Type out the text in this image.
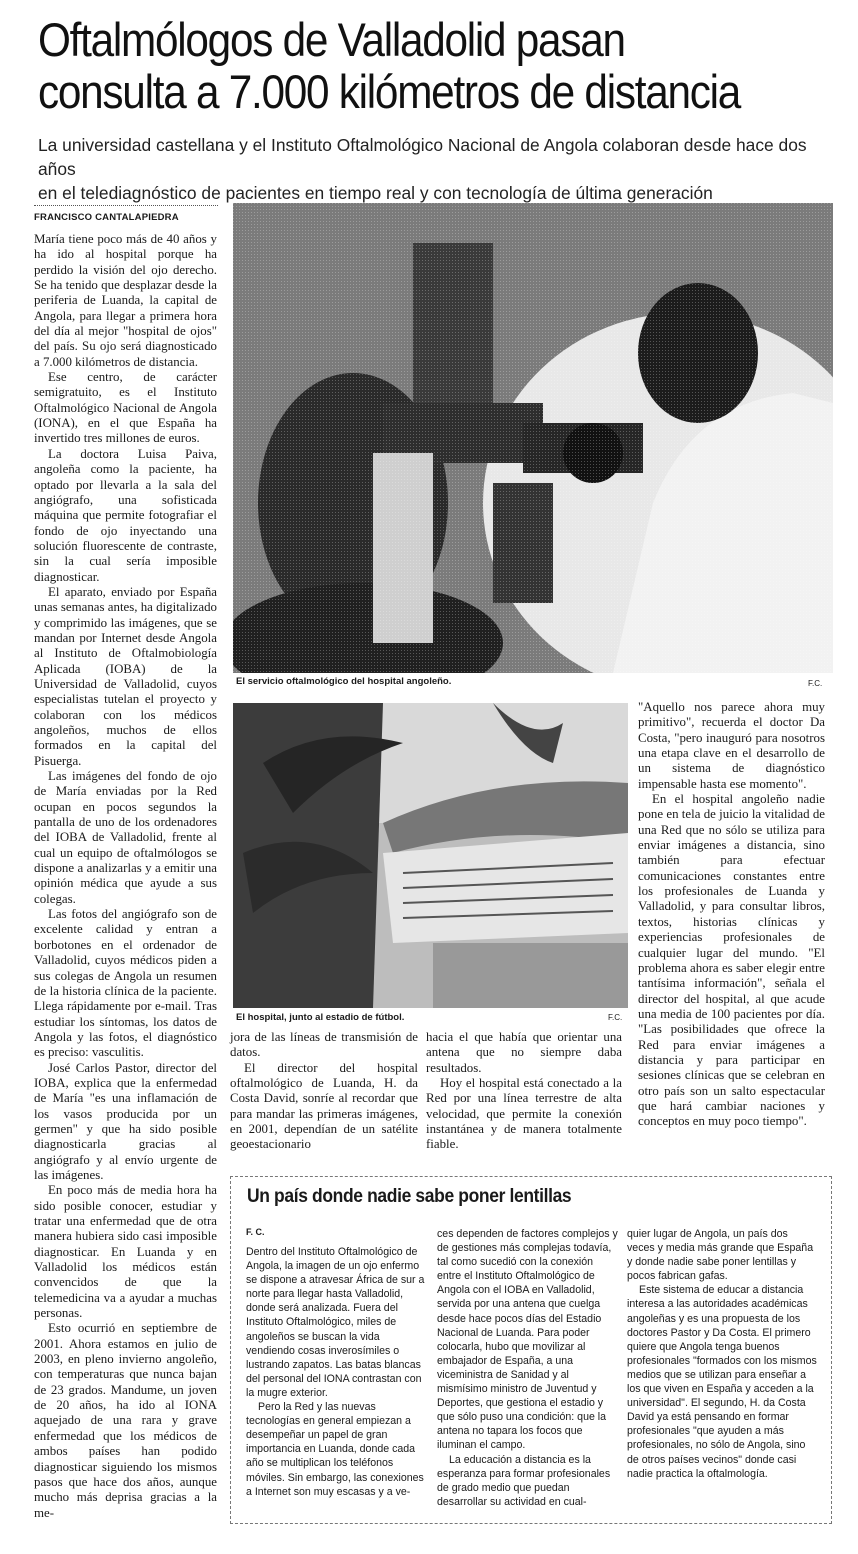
Oftalmólogos de Valladolid pasan
consulta a 7.000 kilómetros de distancia
La universidad castellana y el Instituto Oftalmológico Nacional de Angola colaboran desde hace dos años
en el telediagnóstico de pacientes en tiempo real y con tecnología de última generación
FRANCISCO CANTALAPIEDRA

María tiene poco más de 40 años y ha ido al hospital porque ha perdido la visión del ojo derecho. Se ha tenido que desplazar desde la periferia de Luanda, la capital de Angola, para llegar a primera hora del día al mejor "hospital de ojos" del país. Su ojo será diagnosticado a 7.000 kilómetros de distancia.

Ese centro, de carácter semigratuito, es el Instituto Oftalmológico Nacional de Angola (IONA), en el que España ha invertido tres millones de euros.

La doctora Luisa Paiva, angoleña como la paciente, ha optado por llevarla a la sala del angiógrafo, una sofisticada máquina que permite fotografiar el fondo de ojo inyectando una solución fluorescente de contraste, sin la cual sería imposible diagnosticar.

El aparato, enviado por España unas semanas antes, ha digitalizado y comprimido las imágenes, que se mandan por Internet desde Angola al Instituto de Oftalmobiología Aplicada (IOBA) de la Universidad de Valladolid, cuyos especialistas tutelan el proyecto y colaboran con los médicos angoleños, muchos de ellos formados en la capital del Pisuerga.

Las imágenes del fondo de ojo de María enviadas por la Red ocupan en pocos segundos la pantalla de uno de los ordenadores del IOBA de Valladolid, frente al cual un equipo de oftalmólogos se dispone a analizarlas y a emitir una opinión médica que ayude a sus colegas.

Las fotos del angiógrafo son de excelente calidad y entran a borbotones en el ordenador de Valladolid, cuyos médicos piden a sus colegas de Angola un resumen de la historia clínica de la paciente. Llega rápidamente por e-mail. Tras estudiar los síntomas, los datos de Angola y las fotos, el diagnóstico es preciso: vasculitis.

José Carlos Pastor, director del IOBA, explica que la enfermedad de María "es una inflamación de los vasos producida por un germen" y que ha sido posible diagnosticarla gracias al angiógrafo y al envío urgente de las imágenes.

En poco más de media hora ha sido posible conocer, estudiar y tratar una enfermedad que de otra manera hubiera sido casi imposible diagnosticar. En Luanda y en Valladolid los médicos están convencidos de que la telemedicina va a ayudar a muchas personas.

Esto ocurrió en septiembre de 2001. Ahora estamos en julio de 2003, en pleno invierno angoleño, con temperaturas que nunca bajan de 23 grados. Mandume, un joven de 20 años, ha ido al IONA aquejado de una rara y grave enfermedad que los médicos de ambos países han podido diagnosticar siguiendo los mismos pasos que hace dos años, aunque mucho más deprisa gracias a la me-

El servicio oftalmológico del hospital angoleño.	F.C.
El hospital, junto al estadio de fútbol.	F.C.

jora de las líneas de transmisión de datos.

El director del hospital oftalmológico de Luanda, H. da Costa David, sonríe al recordar que para mandar las primeras imágenes, en 2001, dependían de un satélite geoestacionario

hacia el que había que orientar una antena que no siempre daba resultados.

Hoy el hospital está conectado a la Red por una línea terrestre de alta velocidad, que permite la conexión instantánea y de manera totalmente fiable.

"Aquello nos parece ahora muy primitivo", recuerda el doctor Da Costa, "pero inauguró para nosotros una etapa clave en el desarrollo de un sistema de diagnóstico impensable hasta ese momento".

En el hospital angoleño nadie pone en tela de juicio la vitalidad de una Red que no sólo se utiliza para enviar imágenes a distancia, sino también para efectuar comunicaciones constantes entre los profesionales de Luanda y Valladolid, y para consultar libros, textos, historias clínicas y experiencias profesionales de cualquier lugar del mundo. "El problema ahora es saber elegir entre tantísima información", señala el director del hospital, al que acude una media de 100 pacientes por día. "Las posibilidades que ofrece la Red para enviar imágenes a distancia y para participar en sesiones clínicas que se celebran en otro país son un salto espectacular que hará cambiar naciones y conceptos en muy poco tiempo".

Un país donde nadie sabe poner lentillas
F. C.

Dentro del Instituto Oftalmológico de Angola, la imagen de un ojo enfermo se dispone a atravesar África de sur a norte para llegar hasta Valladolid, donde será analizada. Fuera del Instituto Oftalmológico, miles de angoleños se buscan la vida vendiendo cosas inverosímiles o lustrando zapatos. Las batas blancas del personal del IONA contrastan con la mugre exterior.

Pero la Red y las nuevas tecnologías en general empiezan a desempeñar un papel de gran importancia en Luanda, donde cada año se multiplican los teléfonos móviles. Sin embargo, las conexiones a Internet son muy escasas y a ve-

ces dependen de factores complejos y de gestiones más complejas todavía, tal como sucedió con la conexión entre el Instituto Oftalmológico de Angola con el IOBA en Valladolid, servida por una antena que cuelga desde hace pocos días del Estadio Nacional de Luanda. Para poder colocarla, hubo que movilizar al embajador de España, a una viceministra de Sanidad y al mismísimo ministro de Juventud y Deportes, que gestiona el estadio y que sólo puso una condición: que la antena no tapara los focos que iluminan el campo.

La educación a distancia es la esperanza para formar profesionales de grado medio que puedan desarrollar su actividad en cual-

quier lugar de Angola, un país dos veces y media más grande que España y donde nadie sabe poner lentillas y pocos fabrican gafas.

Este sistema de educar a distancia interesa a las autoridades académicas angoleñas y es una propuesta de los doctores Pastor y Da Costa. El primero quiere que Angola tenga buenos profesionales "formados con los mismos medios que se utilizan para enseñar a los que viven en España y acceden a la universidad". El segundo, H. da Costa David ya está pensando en formar profesionales "que ayuden a más profesionales, no sólo de Angola, sino de otros países vecinos" donde casi nadie practica la oftalmología.
